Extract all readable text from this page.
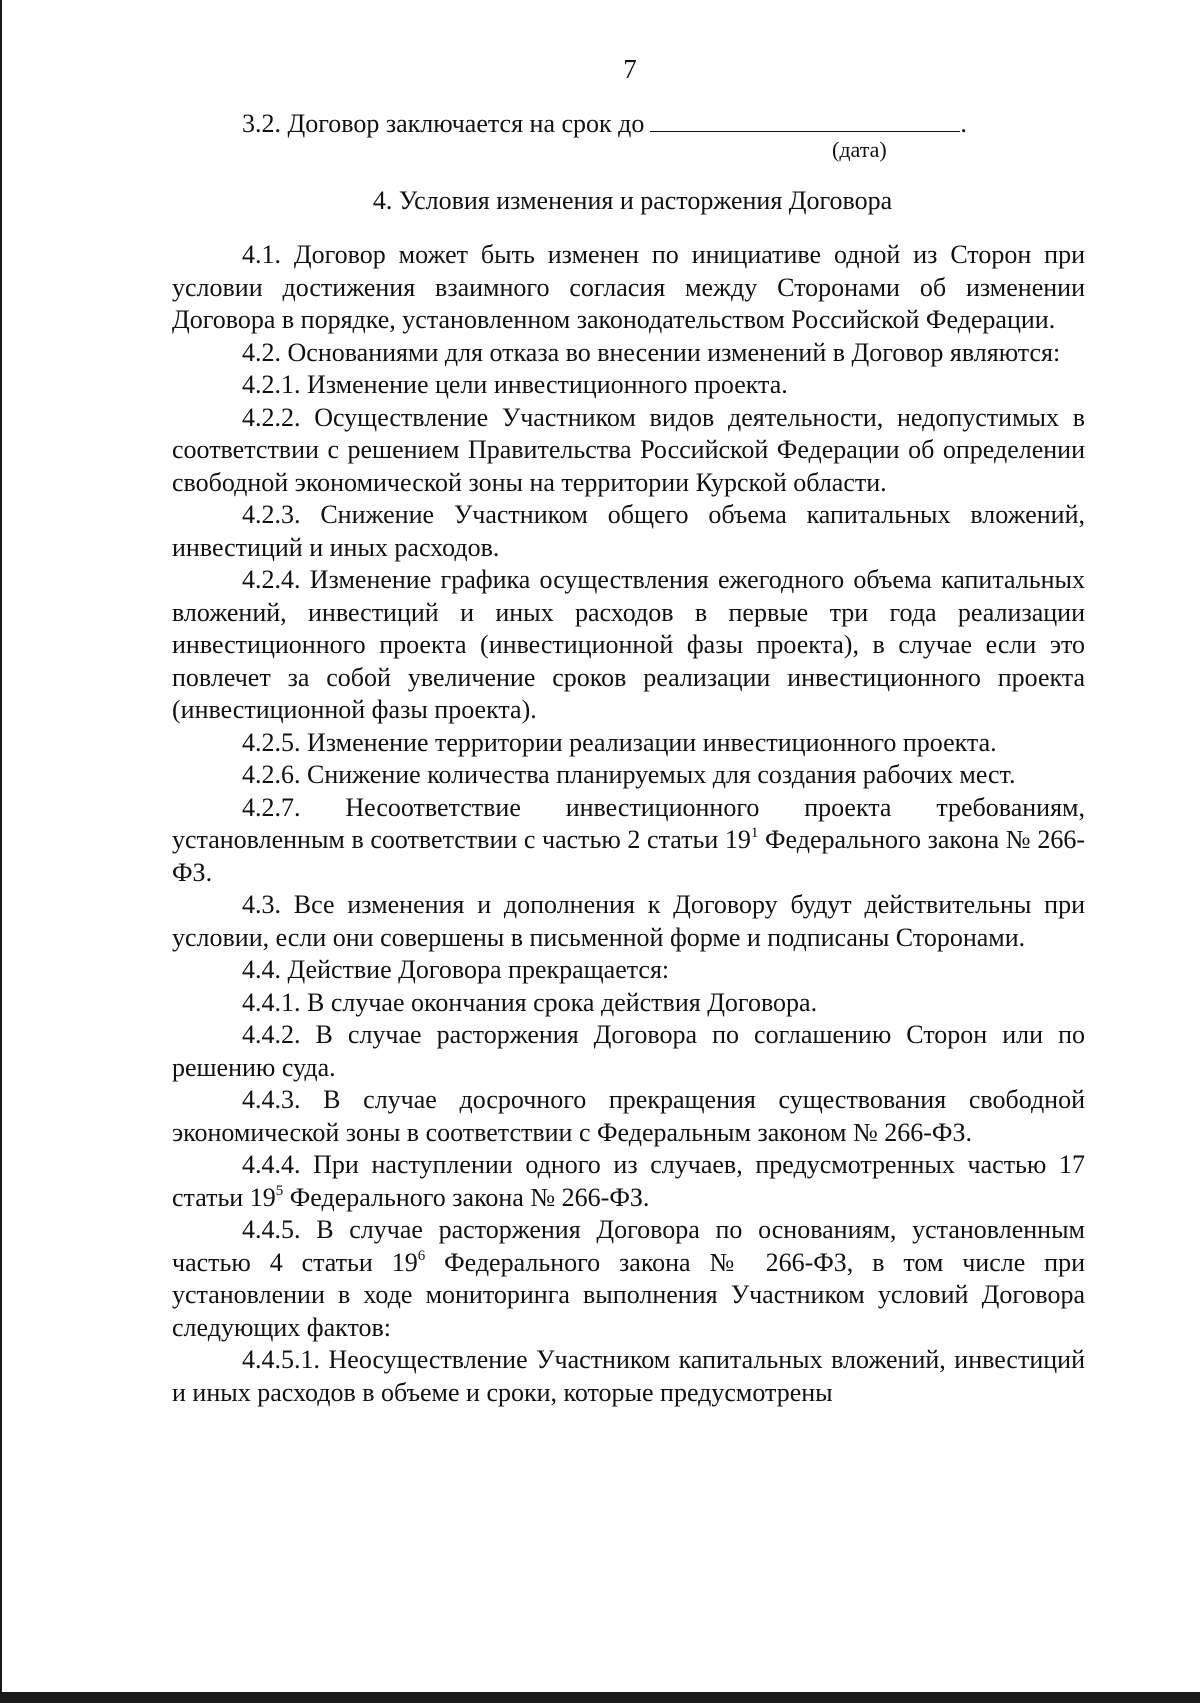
7

3.2. Договор заключается на срок до	.

(дата)

4. Условия изменения и расторжения Договора

4.1. Договор может быть изменен по инициативе одной из Сторон при условии достижения взаимного согласия между Сторонами об изменении Договора в порядке, установленном законодательством Российской Федерации.

4.2. Основаниями для отказа во внесении изменений в Договор являются:

4.2.1. Изменение цели инвестиционного проекта.

4.2.2. Осуществление Участником видов деятельности, недопустимых в соответствии с решением Правительства Российской Федерации об определении свободной экономической зоны на территории Курской области.

4.2.3. Снижение Участником общего объема капитальных вложений, инвестиций и иных расходов.

4.2.4. Изменение графика осуществления ежегодного объема капитальных вложений, инвестиций и иных расходов в первые три года реализации инвестиционного проекта (инвестиционной фазы проекта), в случае если это повлечет за собой увеличение сроков реализации инвестиционного проекта (инвестиционной фазы проекта).

4.2.5. Изменение территории реализации инвестиционного проекта.

4.2.6. Снижение количества планируемых для создания рабочих мест.

4.2.7. Несоответствие инвестиционного проекта требованиям, установленным в соответствии с частью 2 статьи $19^1$ Федерального закона № 266-ФЗ.

4.3. Все изменения и дополнения к Договору будут действительны при условии, если они совершены в письменной форме и подписаны Сторонами.

4.4. Действие Договора прекращается:

4.4.1. В случае окончания срока действия Договора.

4.4.2. В случае расторжения Договора по соглашению Сторон или по решению суда.

4.4.3. В случае досрочного прекращения существования свободной экономической зоны в соответствии с Федеральным законом № 266-ФЗ.

4.4.4. При наступлении одного из случаев, предусмотренных частью 17 статьи $19^5$ Федерального закона № 266-ФЗ.

4.4.5. В случае расторжения Договора по основаниям, установленным частью 4 статьи $19^6$ Федерального закона № 266-ФЗ, в том числе при установлении в ходе мониторинга выполнения Участником условий Договора следующих фактов:

4.4.5.1. Неосуществление Участником капитальных вложений, инвестиций и иных расходов в объеме и сроки, которые предусмотрены
